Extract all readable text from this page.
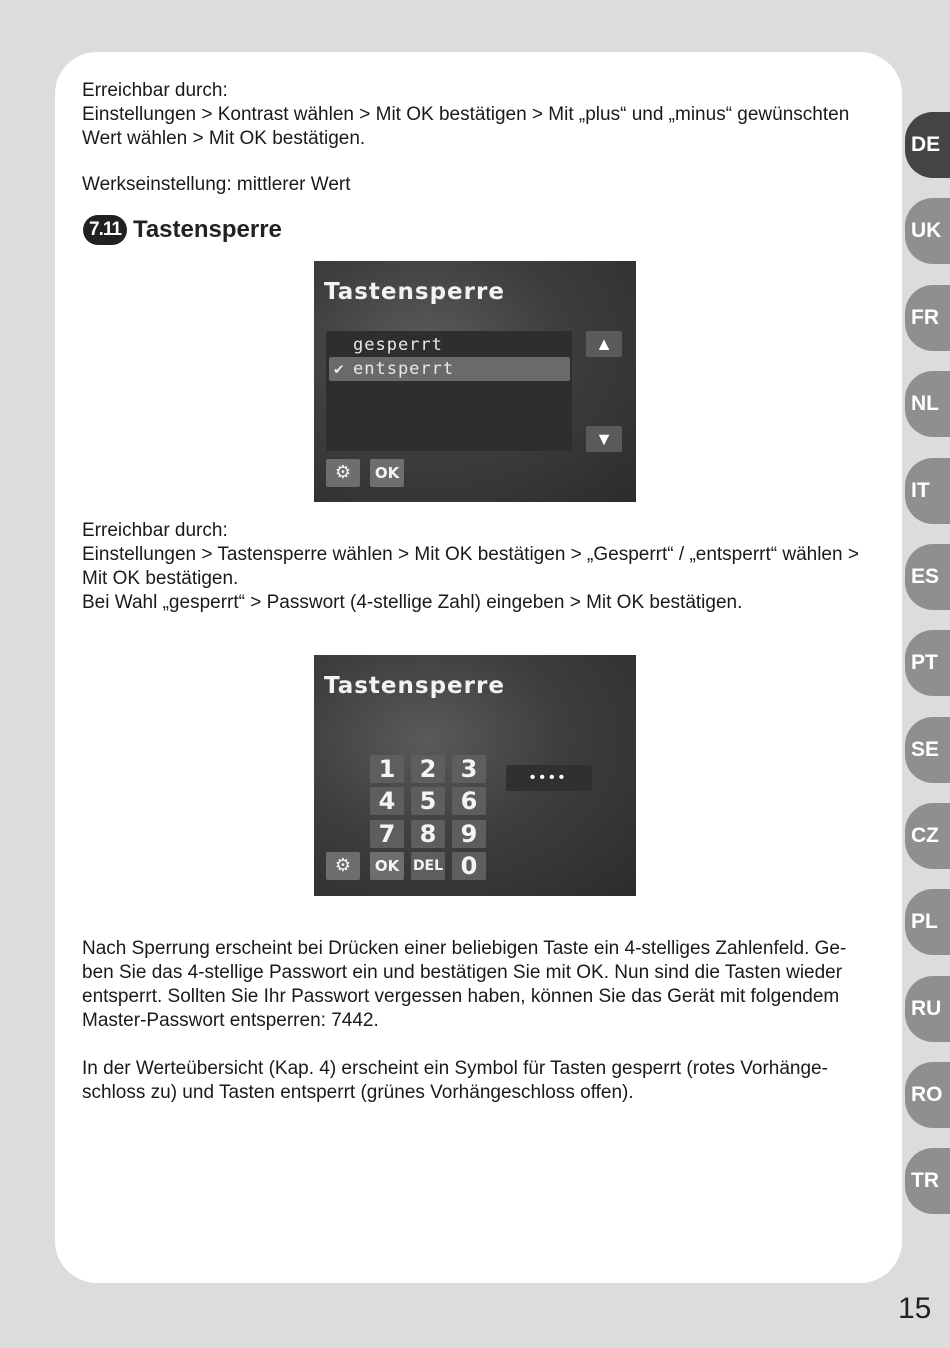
Erreichbar durch:
Einstellungen > Kontrast wählen > Mit OK bestätigen > Mit „plus“ und „minus“ gewünschten
Wert wählen > Mit OK bestätigen.
Werkseinstellung: mittlerer Wert
7.11 Tastensperre
Tastensperre
gesperrt
✔ entsperrt
▲
▼
⚙	OK
Erreichbar durch:
Einstellungen > Tastensperre wählen > Mit OK bestätigen > „Gesperrt“ / „entsperrt“ wählen >
Mit OK bestätigen.
Bei Wahl „gesperrt“ > Passwort (4-stellige Zahl) eingeben > Mit OK bestätigen.
Tastensperre
1	2	3
4	5	6
7	8	9
••••
⚙	OK DEL 0
Nach Sperrung erscheint bei Drücken einer beliebigen Taste ein 4-stelliges Zahlenfeld. Ge-
ben Sie das 4-stellige Passwort ein und bestätigen Sie mit OK. Nun sind die Tasten wieder
entsperrt. Sollten Sie Ihr Passwort vergessen haben, können Sie das Gerät mit folgendem
Master-Passwort entsperren: 7442.
In der Werteübersicht (Kap. 4) erscheint ein Symbol für Tasten gesperrt (rotes Vorhänge-
schloss zu) und Tasten entsperrt (grünes Vorhängeschloss offen).
DE
UK
FR
NL
IT
ES
PT
SE
CZ
PL
RU
RO
TR
15
